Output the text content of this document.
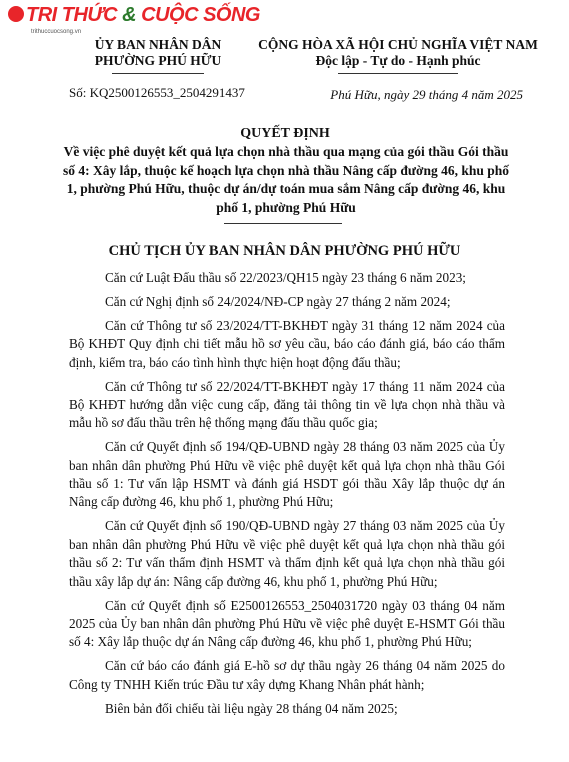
TRI THỨC & CUỘC SỐNG
trithuccuocsong.vn
ỦY BAN NHÂN DÂN
PHƯỜNG PHÚ HỮU
CỘNG HÒA XÃ HỘI CHỦ NGHĨA VIỆT NAM
Độc lập - Tự do - Hạnh phúc
Số: KQ2500126553_2504291437	Phú Hữu, ngày 29 tháng 4 năm 2025
QUYẾT ĐỊNH
Về việc phê duyệt kết quả lựa chọn nhà thầu qua mạng của gói thầu Gói thầu số 4: Xây lắp, thuộc kế hoạch lựa chọn nhà thầu Nâng cấp đường 46, khu phố 1, phường Phú Hữu, thuộc dự án/dự toán mua sắm Nâng cấp đường 46, khu phố 1, phường Phú Hữu
CHỦ TỊCH ỦY BAN NHÂN DÂN PHƯỜNG PHÚ HỮU

Căn cứ Luật Đấu thầu số 22/2023/QH15 ngày 23 tháng 6 năm 2023;

Căn cứ Nghị định số 24/2024/NĐ-CP ngày 27 tháng 2 năm 2024;

Căn cứ Thông tư số 23/2024/TT-BKHĐT ngày 31 tháng 12 năm 2024 của Bộ KHĐT Quy định chi tiết mẫu hồ sơ yêu cầu, báo cáo đánh giá, báo cáo thẩm định, kiểm tra, báo cáo tình hình thực hiện hoạt động đấu thầu;

Căn cứ Thông tư số 22/2024/TT-BKHĐT ngày 17 tháng 11 năm 2024 của Bộ KHĐT hướng dẫn việc cung cấp, đăng tải thông tin về lựa chọn nhà thầu và mẫu hồ sơ đấu thầu trên hệ thống mạng đấu thầu quốc gia;

Căn cứ Quyết định số 194/QĐ-UBND ngày 28 tháng 03 năm 2025 của Ủy ban nhân dân phường Phú Hữu về việc phê duyệt kết quả lựa chọn nhà thầu Gói thầu số 1: Tư vấn lập HSMT và đánh giá HSDT gói thầu Xây lắp thuộc dự án Nâng cấp đường 46, khu phố 1, phường Phú Hữu;

Căn cứ Quyết định số 190/QĐ-UBND ngày 27 tháng 03 năm 2025 của Ủy ban nhân dân phường Phú Hữu về việc phê duyệt kết quả lựa chọn nhà thầu gói thầu số 2: Tư vấn thẩm định HSMT và thẩm định kết quả lựa chọn nhà thầu gói thầu xây lắp dự án: Nâng cấp đường 46, khu phố 1, phường Phú Hữu;

Căn cứ Quyết định số E2500126553_2504031720 ngày 03 tháng 04 năm 2025 của Ủy ban nhân dân phường Phú Hữu về việc phê duyệt E-HSMT Gói thầu số 4: Xây lắp thuộc dự án Nâng cấp đường 46, khu phố 1, phường Phú Hữu;

Căn cứ báo cáo đánh giá E-hồ sơ dự thầu ngày 26 tháng 04 năm 2025 do Công ty TNHH Kiến trúc Đầu tư xây dựng Khang Nhân phát hành;

Biên bản đối chiếu tài liệu ngày 28 tháng 04 năm 2025;
